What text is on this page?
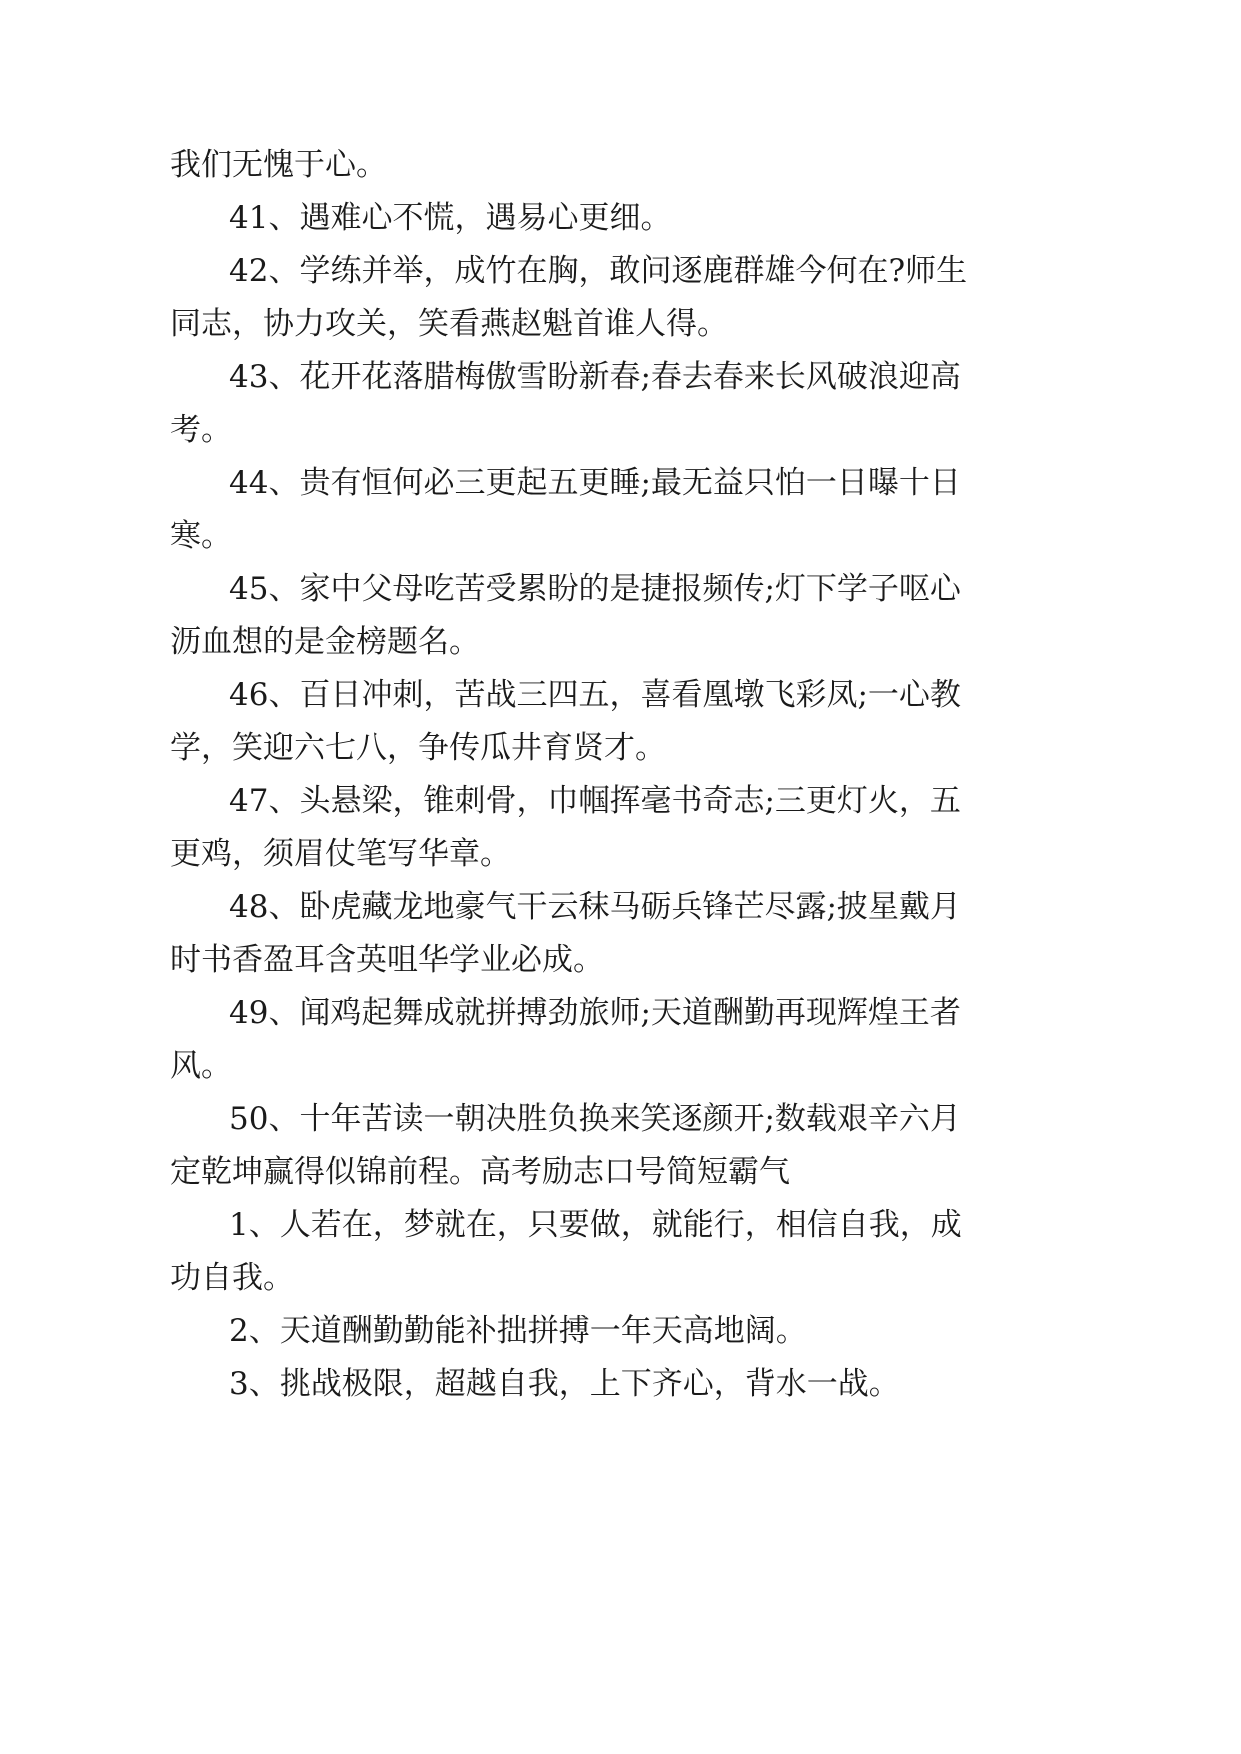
我们无愧于心。

41、遇难心不慌，遇易心更细。

42、学练并举，成竹在胸，敢问逐鹿群雄今何在?师生

同志，协力攻关，笑看燕赵魁首谁人得。

43、花开花落腊梅傲雪盼新春;春去春来长风破浪迎高

考。

44、贵有恒何必三更起五更睡;最无益只怕一日曝十日

寒。

45、家中父母吃苦受累盼的是捷报频传;灯下学子呕心

沥血想的是金榜题名。

46、百日冲刺，苦战三四五，喜看凰墩飞彩凤;一心教

学，笑迎六七八，争传瓜井育贤才。

47、头悬梁，锥刺骨，巾帼挥毫书奇志;三更灯火，五

更鸡，须眉仗笔写华章。

48、卧虎藏龙地豪气干云秣马砺兵锋芒尽露;披星戴月

时书香盈耳含英咀华学业必成。

49、闻鸡起舞成就拼搏劲旅师;天道酬勤再现辉煌王者

风。

50、十年苦读一朝决胜负换来笑逐颜开;数载艰辛六月

定乾坤赢得似锦前程。高考励志口号简短霸气

1、人若在，梦就在，只要做，就能行，相信自我，成

功自我。

2、天道酬勤勤能补拙拼搏一年天高地阔。

3、挑战极限，超越自我，上下齐心，背水一战。
